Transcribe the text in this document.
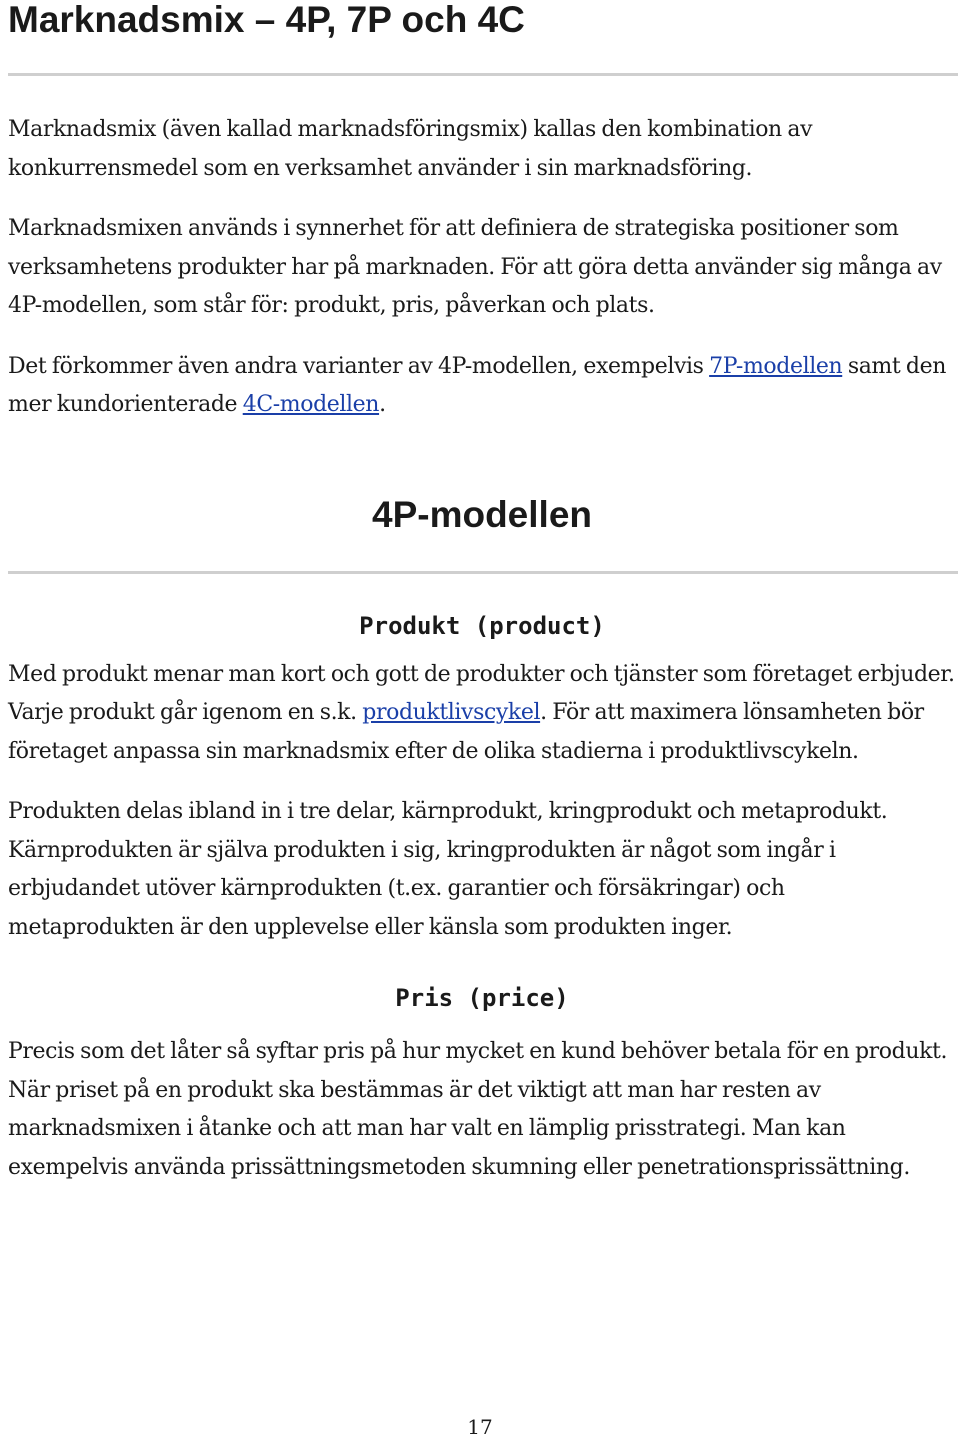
Marknadsmix – 4P, 7P och 4C

Marknadsmix (även kallad marknadsföringsmix) kallas den kombination av konkurrensmedel som en verksamhet använder i sin marknadsföring.

Marknadsmixen används i synnerhet för att definiera de strategiska positioner som verksamhetens produkter har på marknaden. För att göra detta använder sig många av 4P-modellen, som står för: produkt, pris, påverkan och plats.

Det förkommer även andra varianter av 4P-modellen, exempelvis 7P-modellen samt den mer kundorienterade 4C-modellen.

4P-modellen
Produkt (product)

Med produkt menar man kort och gott de produkter och tjänster som företaget erbjuder. Varje produkt går igenom en s.k. produktlivscykel. För att maximera lönsamheten bör företaget anpassa sin marknadsmix efter de olika stadierna i produktlivscykeln.

Produkten delas ibland in i tre delar, kärnprodukt, kringprodukt och metaprodukt. Kärnprodukten är själva produkten i sig, kringprodukten är något som ingår i erbjudandet utöver kärnprodukten (t.ex. garantier och försäkringar) och metaprodukten är den upplevelse eller känsla som produkten inger.

Pris (price)

Precis som det låter så syftar pris på hur mycket en kund behöver betala för en produkt. När priset på en produkt ska bestämmas är det viktigt att man har resten av marknadsmixen i åtanke och att man har valt en lämplig prisstrategi. Man kan exempelvis använda prissättningsmetoden skumning eller penetrationsprissättning.

17
